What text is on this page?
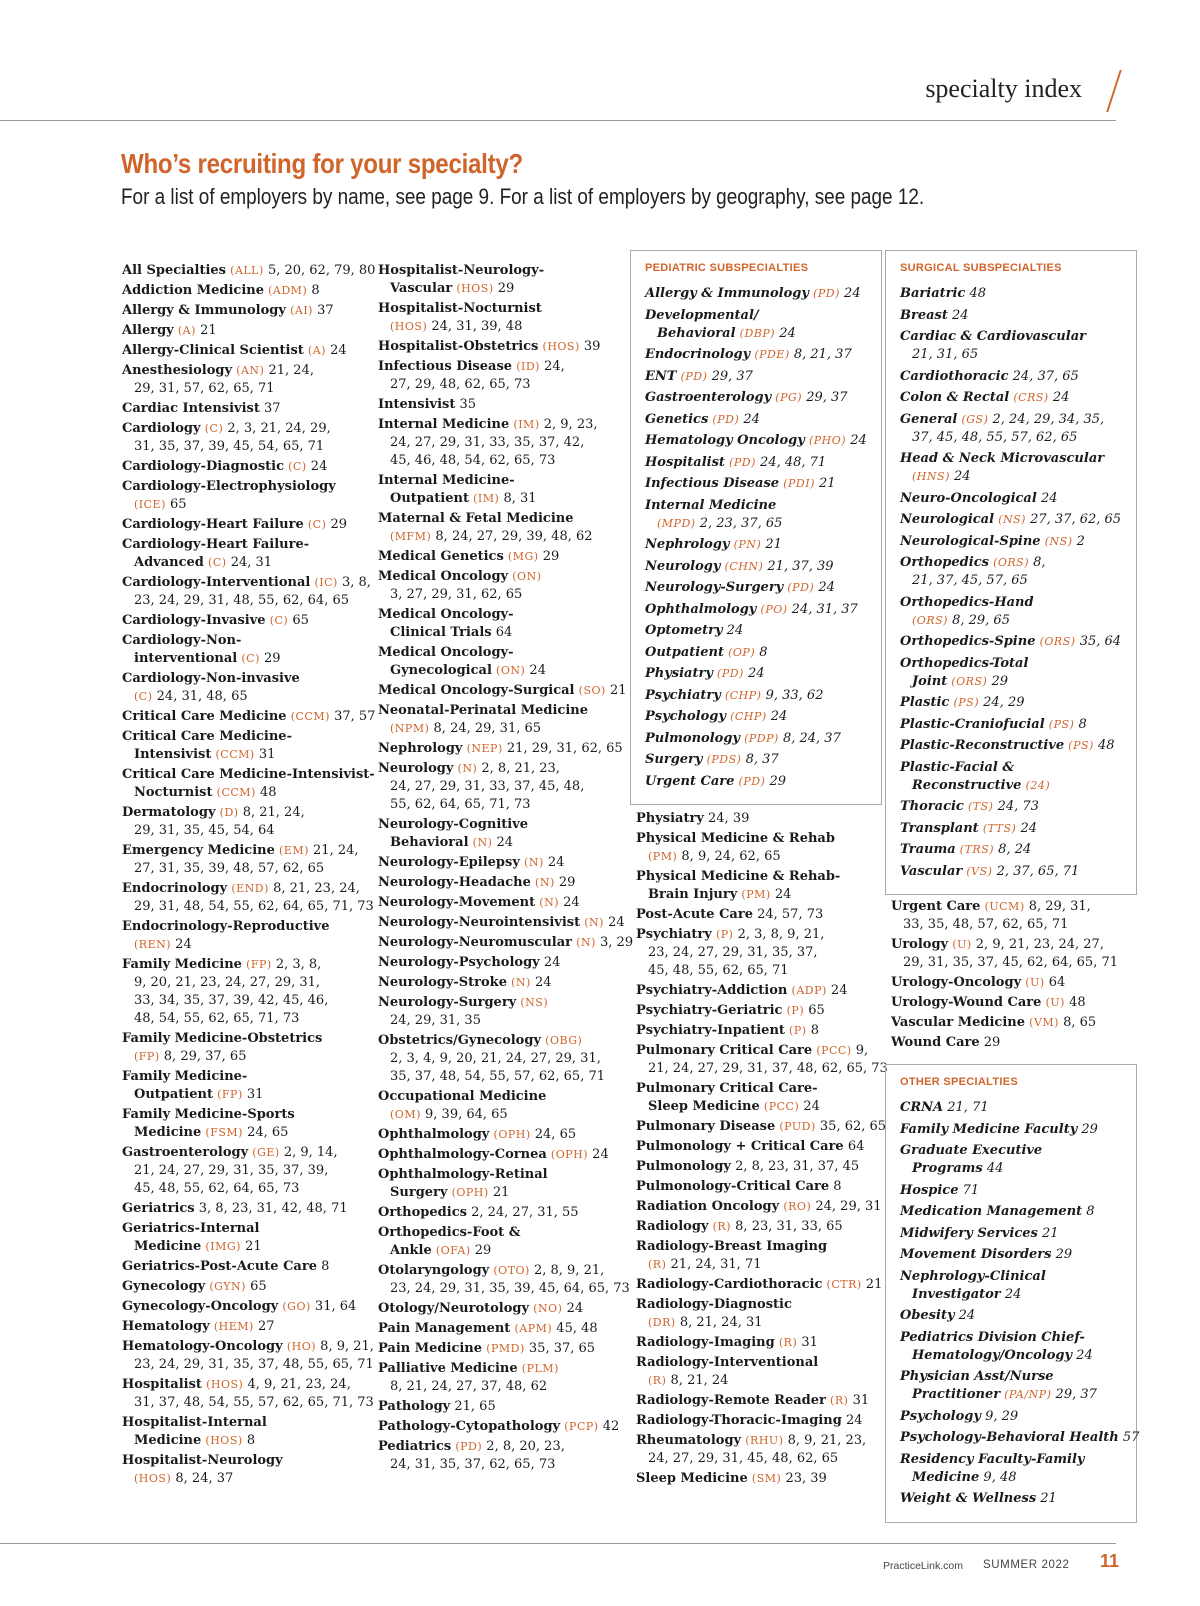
specialty index
Who’s recruiting for your specialty?
For a list of employers by name, see page 9. For a list of employers by geography, see page 12.
All Specialties (ALL) 5, 20, 62, 79, 80
Addiction Medicine (ADM) 8
Allergy & Immunology (AI) 37
Allergy (A) 21
Allergy-Clinical Scientist (A) 24
Anesthesiology (AN) 21, 24,
29, 31, 57, 62, 65, 71
Cardiac Intensivist 37
Cardiology (C) 2, 3, 21, 24, 29,
31, 35, 37, 39, 45, 54, 65, 71
Cardiology-Diagnostic (C) 24
Cardiology-Electrophysiology
(ICE) 65
Cardiology-Heart Failure (C) 29
Cardiology-Heart Failure-
Advanced (C) 24, 31
Cardiology-Interventional (IC) 3, 8,
23, 24, 29, 31, 48, 55, 62, 64, 65
Cardiology-Invasive (C) 65
Cardiology-Non-
interventional (C) 29
Cardiology-Non-invasive
(C) 24, 31, 48, 65
Critical Care Medicine (CCM) 37, 57
Critical Care Medicine-
Intensivist (CCM) 31
Critical Care Medicine-Intensivist-
Nocturnist (CCM) 48
Dermatology (D) 8, 21, 24,
29, 31, 35, 45, 54, 64
Emergency Medicine (EM) 21, 24,
27, 31, 35, 39, 48, 57, 62, 65
Endocrinology (END) 8, 21, 23, 24,
29, 31, 48, 54, 55, 62, 64, 65, 71, 73
Endocrinology-Reproductive
(REN) 24
Family Medicine (FP) 2, 3, 8,
9, 20, 21, 23, 24, 27, 29, 31,
33, 34, 35, 37, 39, 42, 45, 46,
48, 54, 55, 62, 65, 71, 73
Family Medicine-Obstetrics
(FP) 8, 29, 37, 65
Family Medicine-
Outpatient (FP) 31
Family Medicine-Sports
Medicine (FSM) 24, 65
Gastroenterology (GE) 2, 9, 14,
21, 24, 27, 29, 31, 35, 37, 39,
45, 48, 55, 62, 64, 65, 73
Geriatrics 3, 8, 23, 31, 42, 48, 71
Geriatrics-Internal
Medicine (IMG) 21
Geriatrics-Post-Acute Care 8
Gynecology (GYN) 65
Gynecology-Oncology (GO) 31, 64
Hematology (HEM) 27
Hematology-Oncology (HO) 8, 9, 21,
23, 24, 29, 31, 35, 37, 48, 55, 65, 71
Hospitalist (HOS) 4, 9, 21, 23, 24,
31, 37, 48, 54, 55, 57, 62, 65, 71, 73
Hospitalist-Internal
Medicine (HOS) 8
Hospitalist-Neurology
(HOS) 8, 24, 37
Hospitalist-Neurology-
Vascular (HOS) 29
Hospitalist-Nocturnist
(HOS) 24, 31, 39, 48
Hospitalist-Obstetrics (HOS) 39
Infectious Disease (ID) 24,
27, 29, 48, 62, 65, 73
Intensivist 35
Internal Medicine (IM) 2, 9, 23,
24, 27, 29, 31, 33, 35, 37, 42,
45, 46, 48, 54, 62, 65, 73
Internal Medicine-
Outpatient (IM) 8, 31
Maternal & Fetal Medicine
(MFM) 8, 24, 27, 29, 39, 48, 62
Medical Genetics (MG) 29
Medical Oncology (ON)
3, 27, 29, 31, 62, 65
Medical Oncology-
Clinical Trials 64
Medical Oncology-
Gynecological (ON) 24
Medical Oncology-Surgical (SO) 21
Neonatal-Perinatal Medicine
(NPM) 8, 24, 29, 31, 65
Nephrology (NEP) 21, 29, 31, 62, 65
Neurology (N) 2, 8, 21, 23,
24, 27, 29, 31, 33, 37, 45, 48,
55, 62, 64, 65, 71, 73
Neurology-Cognitive
Behavioral (N) 24
Neurology-Epilepsy (N) 24
Neurology-Headache (N) 29
Neurology-Movement (N) 24
Neurology-Neurointensivist (N) 24
Neurology-Neuromuscular (N) 3, 29
Neurology-Psychology 24
Neurology-Stroke (N) 24
Neurology-Surgery (NS)
24, 29, 31, 35
Obstetrics/Gynecology (OBG)
2, 3, 4, 9, 20, 21, 24, 27, 29, 31,
35, 37, 48, 54, 55, 57, 62, 65, 71
Occupational Medicine
(OM) 9, 39, 64, 65
Ophthalmology (OPH) 24, 65
Ophthalmology-Cornea (OPH) 24
Ophthalmology-Retinal
Surgery (OPH) 21
Orthopedics 2, 24, 27, 31, 55
Orthopedics-Foot &
Ankle (OFA) 29
Otolaryngology (OTO) 2, 8, 9, 21,
23, 24, 29, 31, 35, 39, 45, 64, 65, 73
Otology/Neurotology (NO) 24
Pain Management (APM) 45, 48
Pain Medicine (PMD) 35, 37, 65
Palliative Medicine (PLM)
8, 21, 24, 27, 37, 48, 62
Pathology 21, 65
Pathology-Cytopathology (PCP) 42
Pediatrics (PD) 2, 8, 20, 23,
24, 31, 35, 37, 62, 65, 73
PEDIATRIC SUBSPECIALTIES
Allergy & Immunology (PD) 24
Developmental/
Behavioral (DBP) 24
Endocrinology (PDE) 8, 21, 37
ENT (PD) 29, 37
Gastroenterology (PG) 29, 37
Genetics (PD) 24
Hematology Oncology (PHO) 24
Hospitalist (PD) 24, 48, 71
Infectious Disease (PDI) 21
Internal Medicine
(MPD) 2, 23, 37, 65
Nephrology (PN) 21
Neurology (CHN) 21, 37, 39
Neurology-Surgery (PD) 24
Ophthalmology (PO) 24, 31, 37
Optometry 24
Outpatient (OP) 8
Physiatry (PD) 24
Psychiatry (CHP) 9, 33, 62
Psychology (CHP) 24
Pulmonology (PDP) 8, 24, 37
Surgery (PDS) 8, 37
Urgent Care (PD) 29
Physiatry 24, 39
Physical Medicine & Rehab
(PM) 8, 9, 24, 62, 65
Physical Medicine & Rehab-
Brain Injury (PM) 24
Post-Acute Care 24, 57, 73
Psychiatry (P) 2, 3, 8, 9, 21,
23, 24, 27, 29, 31, 35, 37,
45, 48, 55, 62, 65, 71
Psychiatry-Addiction (ADP) 24
Psychiatry-Geriatric (P) 65
Psychiatry-Inpatient (P) 8
Pulmonary Critical Care (PCC) 9,
21, 24, 27, 29, 31, 37, 48, 62, 65, 73
Pulmonary Critical Care-
Sleep Medicine (PCC) 24
Pulmonary Disease (PUD) 35, 62, 65
Pulmonology + Critical Care 64
Pulmonology 2, 8, 23, 31, 37, 45
Pulmonology-Critical Care 8
Radiation Oncology (RO) 24, 29, 31
Radiology (R) 8, 23, 31, 33, 65
Radiology-Breast Imaging
(R) 21, 24, 31, 71
Radiology-Cardiothoracic (CTR) 21
Radiology-Diagnostic
(DR) 8, 21, 24, 31
Radiology-Imaging (R) 31
Radiology-Interventional
(R) 8, 21, 24
Radiology-Remote Reader (R) 31
Radiology-Thoracic-Imaging 24
Rheumatology (RHU) 8, 9, 21, 23,
24, 27, 29, 31, 45, 48, 62, 65
Sleep Medicine (SM) 23, 39
SURGICAL SUBSPECIALTIES
Bariatric 48
Breast 24
Cardiac & Cardiovascular
21, 31, 65
Cardiothoracic 24, 37, 65
Colon & Rectal (CRS) 24
General (GS) 2, 24, 29, 34, 35,
37, 45, 48, 55, 57, 62, 65
Head & Neck Microvascular
(HNS) 24
Neuro-Oncological 24
Neurological (NS) 27, 37, 62, 65
Neurological-Spine (NS) 2
Orthopedics (ORS) 8,
21, 37, 45, 57, 65
Orthopedics-Hand
(ORS) 8, 29, 65
Orthopedics-Spine (ORS) 35, 64
Orthopedics-Total
Joint (ORS) 29
Plastic (PS) 24, 29
Plastic-Craniofucial (PS) 8
Plastic-Reconstructive (PS) 48
Plastic-Facial &
Reconstructive (24)
Thoracic (TS) 24, 73
Transplant (TTS) 24
Trauma (TRS) 8, 24
Vascular (VS) 2, 37, 65, 71
Urgent Care (UCM) 8, 29, 31,
33, 35, 48, 57, 62, 65, 71
Urology (U) 2, 9, 21, 23, 24, 27,
29, 31, 35, 37, 45, 62, 64, 65, 71
Urology-Oncology (U) 64
Urology-Wound Care (U) 48
Vascular Medicine (VM) 8, 65
Wound Care 29
OTHER SPECIALTIES
CRNA 21, 71
Family Medicine Faculty 29
Graduate Executive
Programs 44
Hospice 71
Medication Management 8
Midwifery Services 21
Movement Disorders 29
Nephrology-Clinical
Investigator 24
Obesity 24
Pediatrics Division Chief-
Hematology/Oncology 24
Physician Asst/Nurse
Practitioner (PA/NP) 29, 37
Psychology 9, 29
Psychology-Behavioral Health 57
Residency Faculty-Family
Medicine 9, 48
Weight & Wellness 21
PracticeLink.com SUMMER 2022 11
